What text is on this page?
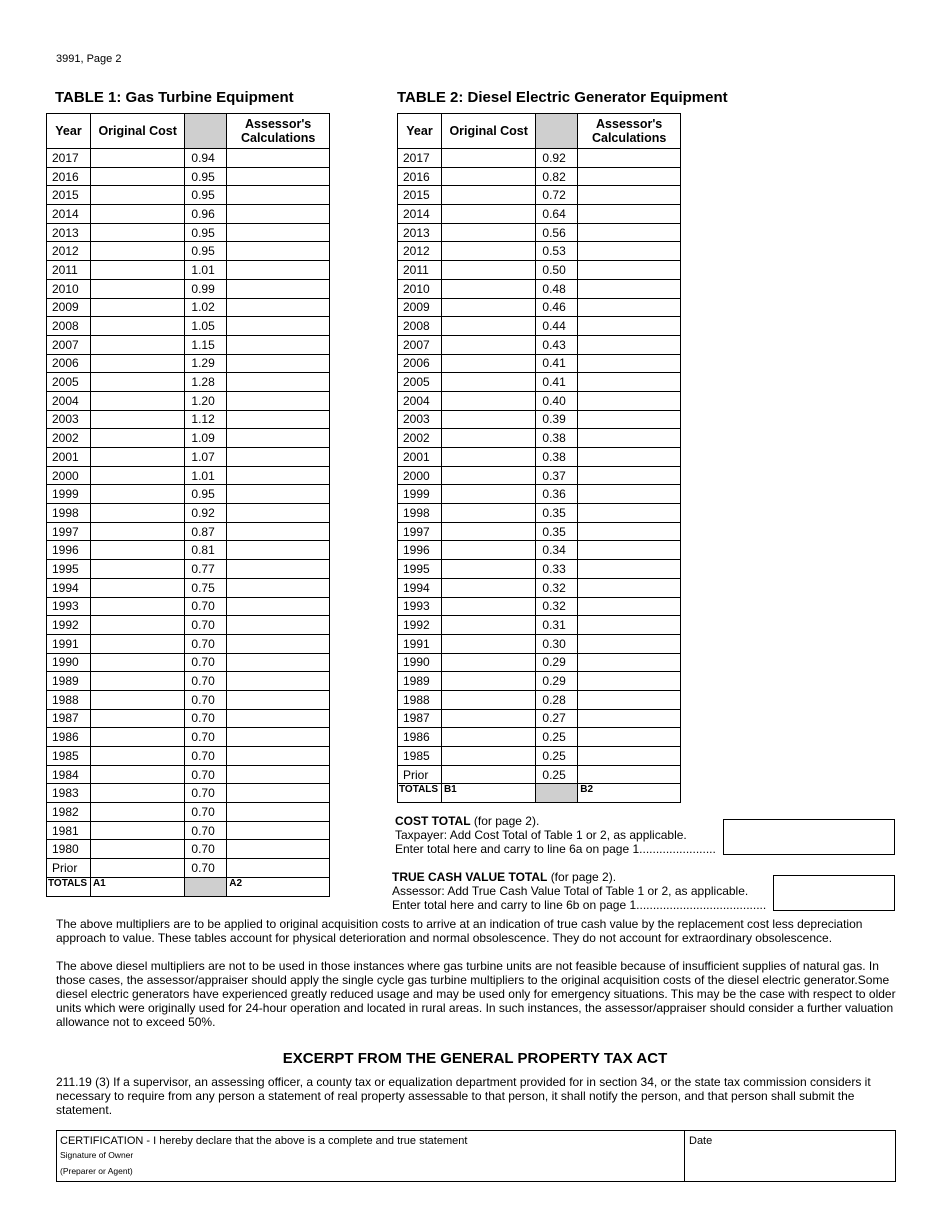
3991, Page 2
TABLE 1: Gas Turbine Equipment	TABLE 2: Diesel Electric Generator Equipment
Year	Original Cost		Assessor's Calculations
2017		0.94	
2016		0.95	
2015		0.95	
2014		0.96	
2013		0.95	
2012		0.95	
2011		1.01	
2010		0.99	
2009		1.02	
2008		1.05	
2007		1.15	
2006		1.29	
2005		1.28	
2004		1.20	
2003		1.12	
2002		1.09	
2001		1.07	
2000		1.01	
1999		0.95	
1998		0.92	
1997		0.87	
1996		0.81	
1995		0.77	
1994		0.75	
1993		0.70	
1992		0.70	
1991		0.70	
1990		0.70	
1989		0.70	
1988		0.70	
1987		0.70	
1986		0.70	
1985		0.70	
1984		0.70	
1983		0.70	
1982		0.70	
1981		0.70	
1980		0.70	
Prior		0.70	
TOTALS	A1		A2
Year	Original Cost		Assessor's Calculations
2017		0.92	
2016		0.82	
2015		0.72	
2014		0.64	
2013		0.56	
2012		0.53	
2011		0.50	
2010		0.48	
2009		0.46	
2008		0.44	
2007		0.43	
2006		0.41	
2005		0.41	
2004		0.40	
2003		0.39	
2002		0.38	
2001		0.38	
2000		0.37	
1999		0.36	
1998		0.35	
1997		0.35	
1996		0.34	
1995		0.33	
1994		0.32	
1993		0.32	
1992		0.31	
1991		0.30	
1990		0.29	
1989		0.29	
1988		0.28	
1987		0.27	
1986		0.25	
1985		0.25	
Prior		0.25	
TOTALS	B1		B2
COST TOTAL (for page 2).
Taxpayer: Add Cost Total of Table 1 or 2, as applicable.
Enter total here and carry to line 6a on page 1.......................
TRUE CASH VALUE TOTAL (for page 2).
Assessor: Add True Cash Value Total of Table 1 or 2, as applicable.
Enter total here and carry to line 6b on page 1.......................................
The above multipliers are to be applied to original acquisition costs to arrive at an indication of true cash value by the replacement cost less depreciation approach to value. These tables account for physical deterioration and normal obsolescence. They do not account for extraordinary obsolescence.
The above diesel multipliers are not to be used in those instances where gas turbine units are not feasible because of insufficient supplies of natural gas. In those cases, the assessor/appraiser should apply the single cycle gas turbine multipliers to the original acquisition costs of the diesel electric generator.Some diesel electric generators have experienced greatly reduced usage and may be used only for emergency situations. This may be the case with respect to older units which were originally used for 24-hour operation and located in rural areas. In such instances, the assessor/appraiser should consider a further valuation allowance not to exceed 50%.
EXCERPT FROM THE GENERAL PROPERTY TAX ACT
211.19 (3) If a supervisor, an assessing officer, a county tax or equalization department provided for in section 34, or the state tax commission considers it necessary to require from any person a statement of real property assessable to that person, it shall notify the person, and that person shall submit the statement.
CERTIFICATION - I hereby declare that the above is a complete and true statement
Signature of Owner
(Preparer or Agent)
Date
